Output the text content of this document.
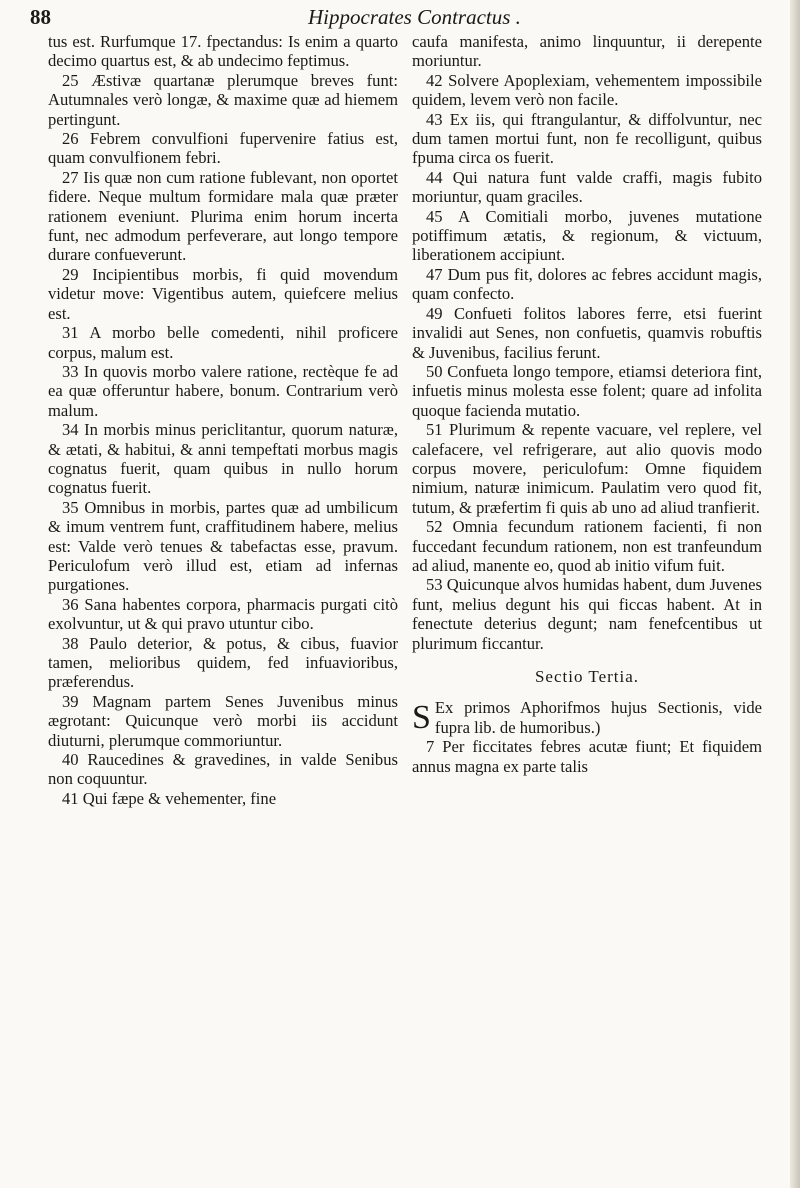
88	Hippocrates Contractus .

tus est. Rurfumque 17. fpectandus: Is enim a quarto decimo quartus est, & ab undecimo feptimus.

25 Æstivæ quartanæ plerumque breves funt: Autumnales verò longæ, & maxime quæ ad hiemem pertingunt.

26 Febrem convulfioni fupervenire fatius est, quam convulfionem febri.

27 Iis quæ non cum ratione fublevant, non oportet fidere. Neque multum formidare mala quæ præter rationem eveniunt. Plurima enim horum incerta funt, nec admodum perfeverare, aut longo tempore durare confueverunt.

29 Incipientibus morbis, fi quid movendum videtur move: Vigentibus autem, quiefcere melius est.

31 A morbo belle comedenti, nihil proficere corpus, malum est.

33 In quovis morbo valere ratione, rectèque fe ad ea quæ offeruntur habere, bonum. Contrarium verò malum.

34 In morbis minus periclitantur, quorum naturæ, & ætati, & habitui, & anni tempeftati morbus magis cognatus fuerit, quam quibus in nullo horum cognatus fuerit.

35 Omnibus in morbis, partes quæ ad umbilicum & imum ventrem funt, craffitudinem habere, melius est: Valde verò tenues & tabefactas esse, pravum. Periculofum verò illud est, etiam ad infernas purgationes.

36 Sana habentes corpora, pharmacis purgati citò exolvuntur, ut & qui pravo utuntur cibo.

38 Paulo deterior, & potus, & cibus, fuavior tamen, melioribus quidem, fed infuavioribus, præferendus.

39 Magnam partem Senes Juvenibus minus ægrotant: Quicunque verò morbi iis accidunt diuturni, plerumque commoriuntur.

40 Raucedines & gravedines, in valde Senibus non coquuntur.

41 Qui fæpe & vehementer, fine

caufa manifesta, animo linquuntur, ii derepente moriuntur.

42 Solvere Apoplexiam, vehementem impossibile quidem, levem verò non facile.

43 Ex iis, qui ftrangulantur, & diffolvuntur, nec dum tamen mortui funt, non fe recolligunt, quibus fpuma circa os fuerit.

44 Qui natura funt valde craffi, magis fubito moriuntur, quam graciles.

45 A Comitiali morbo, juvenes mutatione potiffimum ætatis, & regionum, & victuum, liberationem accipiunt.

47 Dum pus fit, dolores ac febres accidunt magis, quam confecto.

49 Confueti folitos labores ferre, etsi fuerint invalidi aut Senes, non confuetis, quamvis robuftis & Juvenibus, facilius ferunt.

50 Confueta longo tempore, etiamsi deteriora fint, infuetis minus molesta esse folent; quare ad infolita quoque facienda mutatio.

51 Plurimum & repente vacuare, vel replere, vel calefacere, vel refrigerare, aut alio quovis modo corpus movere, periculofum: Omne fiquidem nimium, naturæ inimicum. Paulatim vero quod fit, tutum, & præfertim fi quis ab uno ad aliud tranfierit.

52 Omnia fecundum rationem facienti, fi non fuccedant fecundum rationem, non est tranfeundum ad aliud, manente eo, quod ab initio vifum fuit.

53 Quicunque alvos humidas habent, dum Juvenes funt, melius degunt his qui ficcas habent. At in fenectute deterius degunt; nam fenefcentibus ut plurimum ficcantur.

Sectio Tertia.

S Ex primos Aphorifmos hujus Sectionis, vide fupra lib. de humoribus.)

7 Per ficcitates febres acutæ fiunt; Et fiquidem annus magna ex parte talis
